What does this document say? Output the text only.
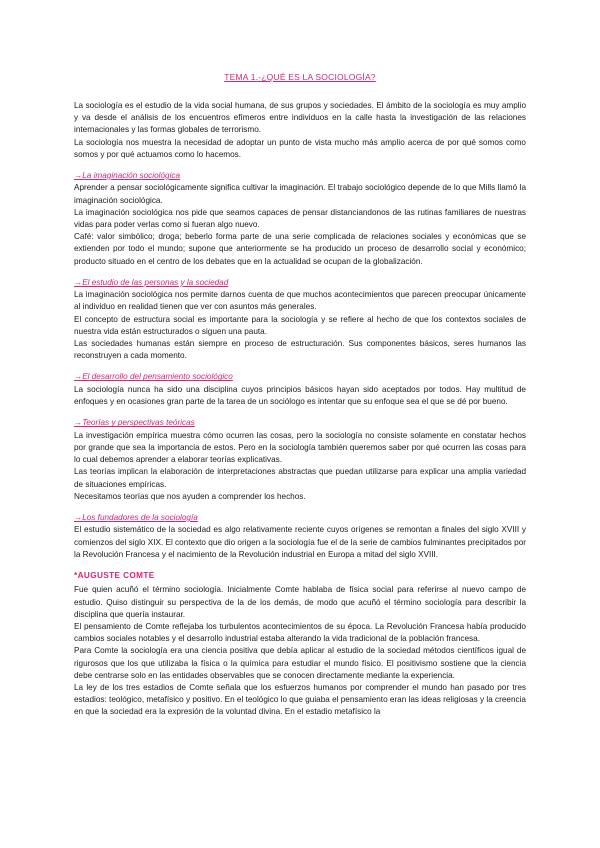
TEMA 1.-¿QUÉ ES LA SOCIOLOGÍA?

La sociología es el estudio de la vida social humana, de sus grupos y sociedades. El ámbito de la sociología es muy amplio y va desde el análisis de los encuentros efímeros entre individuos en la calle hasta la investigación de las relaciones internacionales y las formas globales de terrorismo.

La sociología nos muestra la necesidad de adoptar un punto de vista mucho más amplio acerca de por qué somos como somos y por qué actuamos como lo hacemos.

→La imaginación sociológica

Aprender a pensar sociológicamente significa cultivar la imaginación. El trabajo sociológico depende de lo que Mills llamó la imaginación sociológica.

La imaginación sociológica nos pide que seamos capaces de pensar distanciandonos de las rutinas familiares de nuestras vidas para poder verlas como si fueran algo nuevo.

Café: valor simbólico; droga; beberlo forma parte de una serie complicada de relaciones sociales y económicas que se extienden por todo el mundo; supone que anteriormente se ha producido un proceso de desarrollo social y económico; producto situado en el centro de los debates que en la actualidad se ocupan de la globalización.

→El estudio de las personas y la sociedad

La imaginación sociológica nos permite darnos cuenta de que muchos acontecimientos que parecen preocupar únicamente al individuo en realidad tienen que ver con asuntos más generales.

El concepto de estructura social es importante para la sociología y se refiere al hecho de que los contextos sociales de nuestra vida están estructurados o siguen una pauta.

Las sociedades humanas están siempre en proceso de estructuración. Sus componentes básicos, seres humanos las reconstruyen a cada momento.

→El desarrollo del pensamiento sociológico

La sociología nunca ha sido una disciplina cuyos principios básicos hayan sido aceptados por todos. Hay multitud de enfoques y en ocasiones gran parte de la tarea de un sociólogo es intentar que su enfoque sea el que se dé por bueno.

→Teorías y perspectivas teóricas

La investigación empírica muestra cómo ocurren las cosas, pero la sociología no consiste solamente en constatar hechos por grande que sea la importancia de estos. Pero en la sociología también queremos saber por qué ocurren las cosas para lo cual debemos aprender a elaborar teorías explicativas.

Las teorías implican la elaboración de interpretaciones abstractas que puedan utilizarse para explicar una amplia variedad de situaciones empíricas.

Necesitamos teorías que nos ayuden a comprender los hechos.

→Los fundadores de la sociología

El estudio sistemático de la sociedad es algo relativamente reciente cuyos orígenes se remontan a finales del siglo XVIII y comienzos del siglo XIX. El contexto que dio origen a la sociología fue el de la serie de cambios fulminantes precipitados por la Revolución Francesa y el nacimiento de la Revolución industrial en Europa a mitad del siglo XVIII.

*AUGUSTE COMTE

Fue quien acuñó el término sociología. Inicialmente Comte hablaba de física social para referirse al nuevo campo de estudio. Quiso distinguir su perspectiva de la de los demás, de modo que acuñó el término sociología para describir la disciplina que quería instaurar.

El pensamiento de Comte reflejaba los turbulentos acontecimientos de su época. La Revolución Francesa había producido cambios sociales notables y el desarrollo industrial estaba alterando la vida tradicional de la población francesa.

Para Comte la sociología era una ciencia positiva que debía aplicar al estudio de la sociedad métodos científicos igual de rigurosos que los que utilizaba la física o la química para estudiar el mundo físico. El positivismo sostiene que la ciencia debe centrarse solo en las entidades observables que se conocen directamente mediante la experiencia.

La ley de los tres estadios de Comte señala que los esfuerzos humanos por comprender el mundo han pasado por tres estadios: teológico, metafísico y positivo. En el teológico lo que guiaba el pensamiento eran las ideas religiosas y la creencia en que la sociedad era la expresión de la voluntad divina. En el estadio metafísico la
